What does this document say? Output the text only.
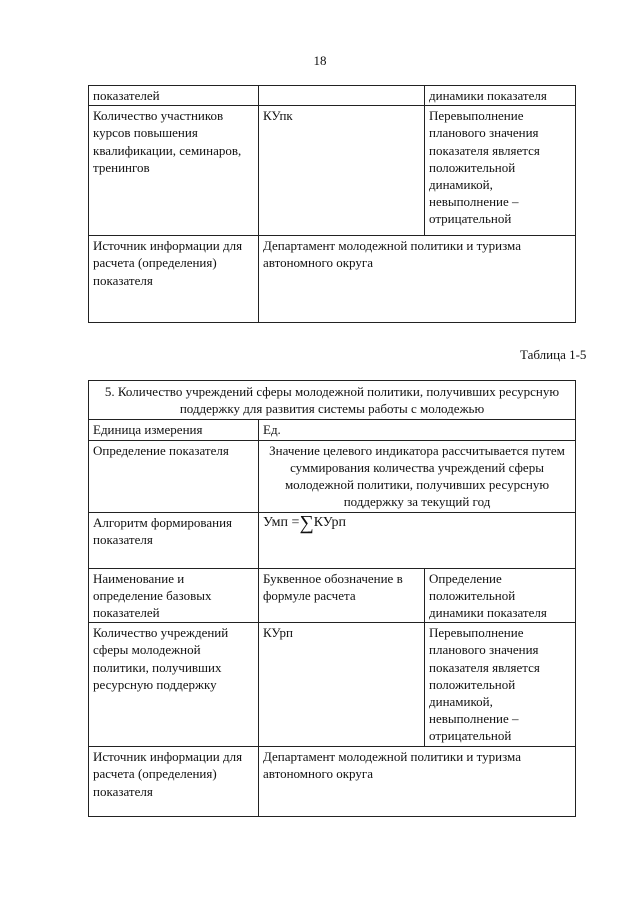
18
показателей		динамики показателя
Количество участников курсов повышения квалификации, семинаров, тренингов	КУпк	Перевыполнение планового значения показателя является положительной динамикой, невыполнение – отрицательной
Источник информации для расчета (определения) показателя	Департамент молодежной политики и туризма автономного округа	
Таблица 1-5
5. Количество учреждений сферы молодежной политики, получивших ресурсную поддержку для развития системы работы с молодежью		
Единица измерения	Ед.	
Определение показателя	Значение целевого индикатора рассчитывается путем суммирования количества учреждений сферы молодежной политики, получивших ресурсную поддержку за текущий год	
Алгоритм формирования показателя	Умп =∑КУрп	
Наименование и определение базовых показателей	Буквенное обозначение в формуле расчета	Определение положительной динамики показателя
Количество учреждений сферы молодежной политики, получивших ресурсную поддержку	КУрп	Перевыполнение планового значения показателя является положительной динамикой, невыполнение – отрицательной
Источник информации для расчета (определения) показателя	Департамент молодежной политики и туризма автономного округа	
